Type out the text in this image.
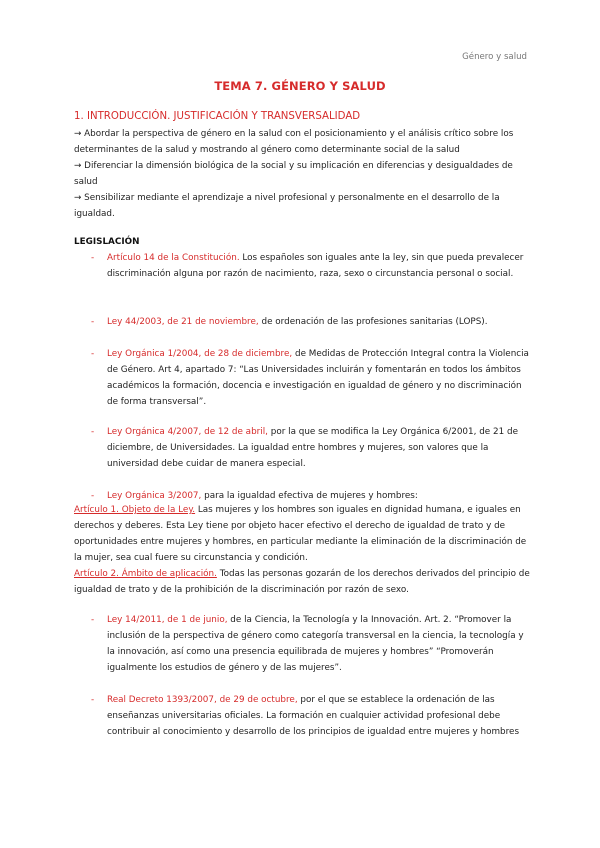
Género y salud
TEMA 7. GÉNERO Y SALUD
1. INTRODUCCIÓN. JUSTIFICACIÓN Y TRANSVERSALIDAD
→ Abordar la perspectiva de género en la salud con el posicionamiento y el análisis crítico sobre los determinantes de la salud y mostrando al género como determinante social de la salud
→ Diferenciar la dimensión biológica de la social y su implicación en diferencias y desigualdades de salud
→ Sensibilizar mediante el aprendizaje a nivel profesional y personalmente en el desarrollo de la igualdad.
LEGISLACIÓN
- Artículo 14 de la Constitución. Los españoles son iguales ante la ley, sin que pueda prevalecer discriminación alguna por razón de nacimiento, raza, sexo o circunstancia personal o social.
- Ley 44/2003, de 21 de noviembre, de ordenación de las profesiones sanitarias (LOPS).
- Ley Orgánica 1/2004, de 28 de diciembre, de Medidas de Protección Integral contra la Violencia de Género. Art 4, apartado 7: “Las Universidades incluirán y fomentarán en todos los ámbitos académicos la formación, docencia e investigación en igualdad de género y no discriminación de forma transversal”.
- Ley Orgánica 4/2007, de 12 de abril, por la que se modifica la Ley Orgánica 6/2001, de 21 de diciembre, de Universidades. La igualdad entre hombres y mujeres, son valores que la universidad debe cuidar de manera especial.
- Ley Orgánica 3/2007, para la igualdad efectiva de mujeres y hombres:
Artículo 1. Objeto de la Ley. Las mujeres y los hombres son iguales en dignidad humana, e iguales en derechos y deberes. Esta Ley tiene por objeto hacer efectivo el derecho de igualdad de trato y de oportunidades entre mujeres y hombres, en particular mediante la eliminación de la discriminación de la mujer, sea cual fuere su circunstancia y condición.
Artículo 2. Ámbito de aplicación. Todas las personas gozarán de los derechos derivados del principio de igualdad de trato y de la prohibición de la discriminación por razón de sexo.
- Ley 14/2011, de 1 de junio, de la Ciencia, la Tecnología y la Innovación. Art. 2. “Promover la inclusión de la perspectiva de género como categoría transversal en la ciencia, la tecnología y la innovación, así como una presencia equilibrada de mujeres y hombres” “Promoverán igualmente los estudios de género y de las mujeres”.
- Real Decreto 1393/2007, de 29 de octubre, por el que se establece la ordenación de las enseñanzas universitarias oficiales. La formación en cualquier actividad profesional debe contribuir al conocimiento y desarrollo de los principios de igualdad entre mujeres y hombres
